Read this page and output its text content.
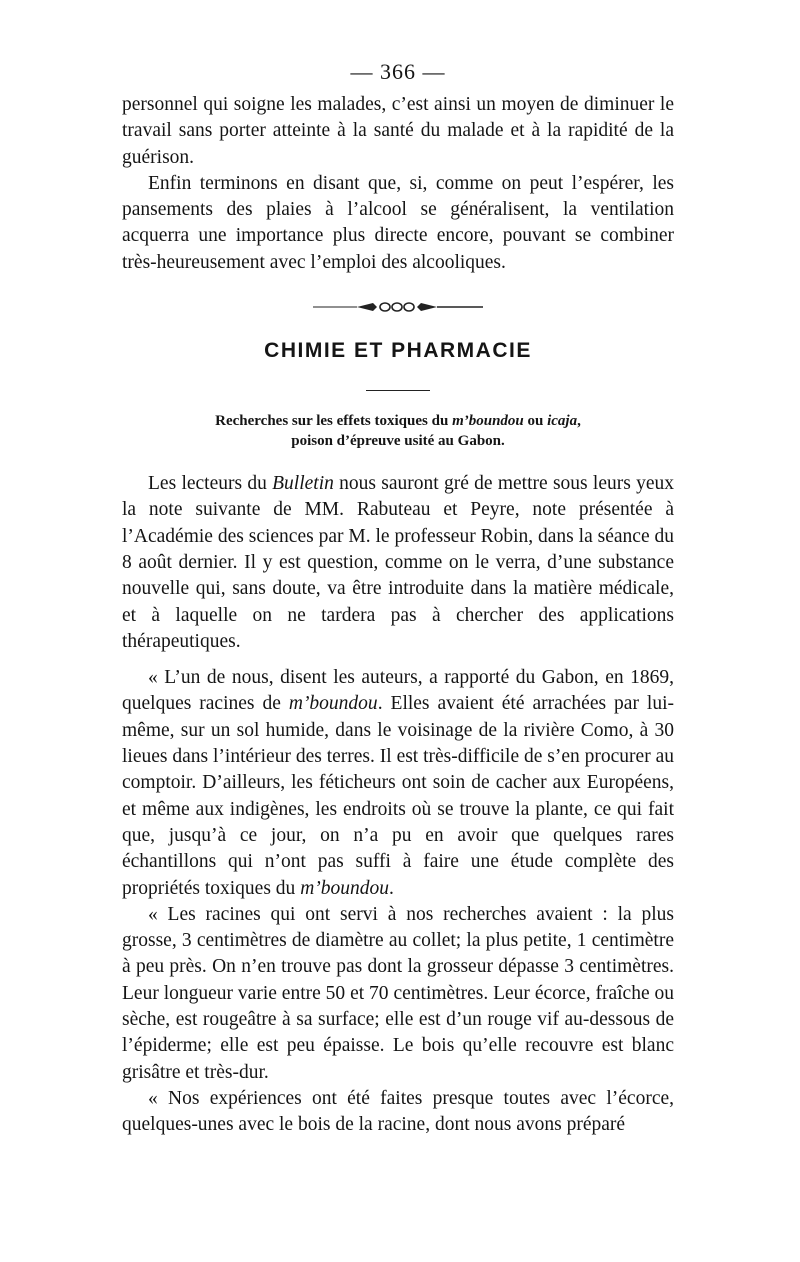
— 366 —

personnel qui soigne les malades, c’est ainsi un moyen de diminuer le travail sans porter atteinte à la santé du malade et à la rapidité de la guérison.

Enfin terminons en disant que, si, comme on peut l’espérer, les pansements des plaies à l’alcool se généralisent, la ventilation acquerra une importance plus directe encore, pouvant se combiner très-heureusement avec l’emploi des alcooliques.

CHIMIE ET PHARMACIE
Recherches sur les effets toxiques du m’boundou ou icaja,
poison d’épreuve usité au Gabon.

Les lecteurs du Bulletin nous sauront gré de mettre sous leurs yeux la note suivante de MM. Rabuteau et Peyre, note présentée à l’Académie des sciences par M. le professeur Robin, dans la séance du 8 août dernier. Il y est question, comme on le verra, d’une substance nouvelle qui, sans doute, va être introduite dans la matière médicale, et à laquelle on ne tardera pas à chercher des applications thérapeutiques.

« L’un de nous, disent les auteurs, a rapporté du Gabon, en 1869, quelques racines de m’boundou. Elles avaient été arrachées par lui-même, sur un sol humide, dans le voisinage de la rivière Como, à 30 lieues dans l’intérieur des terres. Il est très-difficile de s’en procurer au comptoir. D’ailleurs, les féticheurs ont soin de cacher aux Européens, et même aux indigènes, les endroits où se trouve la plante, ce qui fait que, jusqu’à ce jour, on n’a pu en avoir que quelques rares échantillons qui n’ont pas suffi à faire une étude complète des propriétés toxiques du m’boundou.

« Les racines qui ont servi à nos recherches avaient : la plus grosse, 3 centimètres de diamètre au collet; la plus petite, 1 centimètre à peu près. On n’en trouve pas dont la grosseur dépasse 3 centimètres. Leur longueur varie entre 50 et 70 centimètres. Leur écorce, fraîche ou sèche, est rougeâtre à sa surface; elle est d’un rouge vif au-dessous de l’épiderme; elle est peu épaisse. Le bois qu’elle recouvre est blanc grisâtre et très-dur.

« Nos expériences ont été faites presque toutes avec l’écorce, quelques-unes avec le bois de la racine, dont nous avons préparé
